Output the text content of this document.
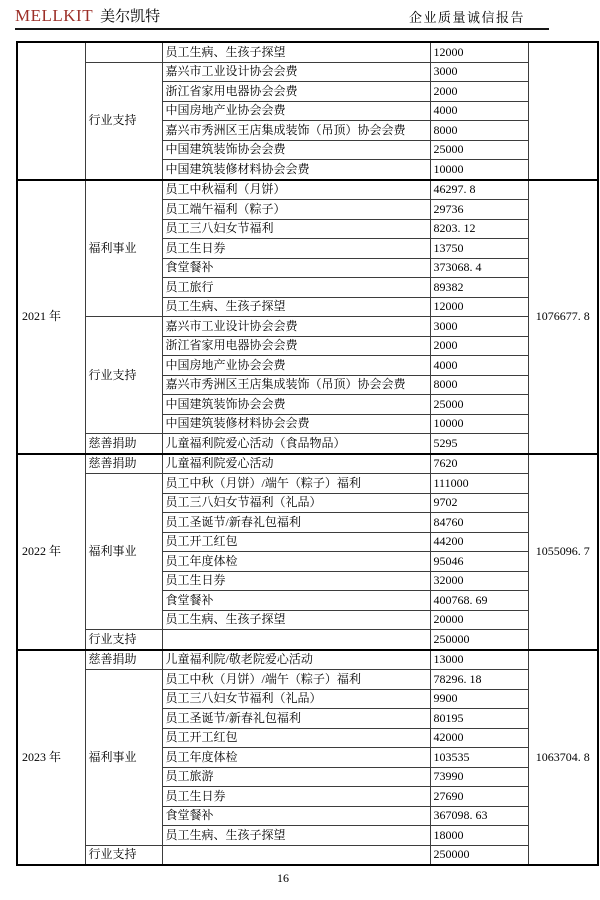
MELLKIT 美尔凯特	企业质量诚信报告
		员工生病、生孩子探望	12000	
	行业支持	嘉兴市工业设计协会会费	3000	
		浙江省家用电器协会会费	2000	
		中国房地产业协会会费	4000	
		嘉兴市秀洲区王店集成装饰（吊顶）协会会费	8000	
		中国建筑装饰协会会费	25000	
		中国建筑装修材料协会会费	10000	
2021 年	福利事业	员工中秋福利（月饼）	46297. 8	1076677. 8
		员工端午福利（粽子）	29736	
		员工三八妇女节福利	8203. 12	
		员工生日券	13750	
		食堂餐补	373068. 4	
		员工旅行	89382	
		员工生病、生孩子探望	12000	
	行业支持	嘉兴市工业设计协会会费	3000	
		浙江省家用电器协会会费	2000	
		中国房地产业协会会费	4000	
		嘉兴市秀洲区王店集成装饰（吊顶）协会会费	8000	
		中国建筑装饰协会会费	25000	
		中国建筑装修材料协会会费	10000	
	慈善捐助	儿童福利院爱心活动（食品物品）	5295	
2022 年	慈善捐助	儿童福利院爱心活动	7620	1055096. 7
	福利事业	员工中秋（月饼）/端午（粽子）福利	111000	
		员工三八妇女节福利（礼品）	9702	
		员工圣诞节/新春礼包福利	84760	
		员工开工红包	44200	
		员工年度体检	95046	
		员工生日券	32000	
		食堂餐补	400768. 69	
		员工生病、生孩子探望	20000	
	行业支持		250000	
2023 年	慈善捐助	儿童福利院/敬老院爱心活动	13000	1063704. 8
	福利事业	员工中秋（月饼）/端午（粽子）福利	78296. 18	
		员工三八妇女节福利（礼品）	9900	
		员工圣诞节/新春礼包福利	80195	
		员工开工红包	42000	
		员工年度体检	103535	
		员工旅游	73990	
		员工生日券	27690	
		食堂餐补	367098. 63	
		员工生病、生孩子探望	18000	
	行业支持		250000	
16
